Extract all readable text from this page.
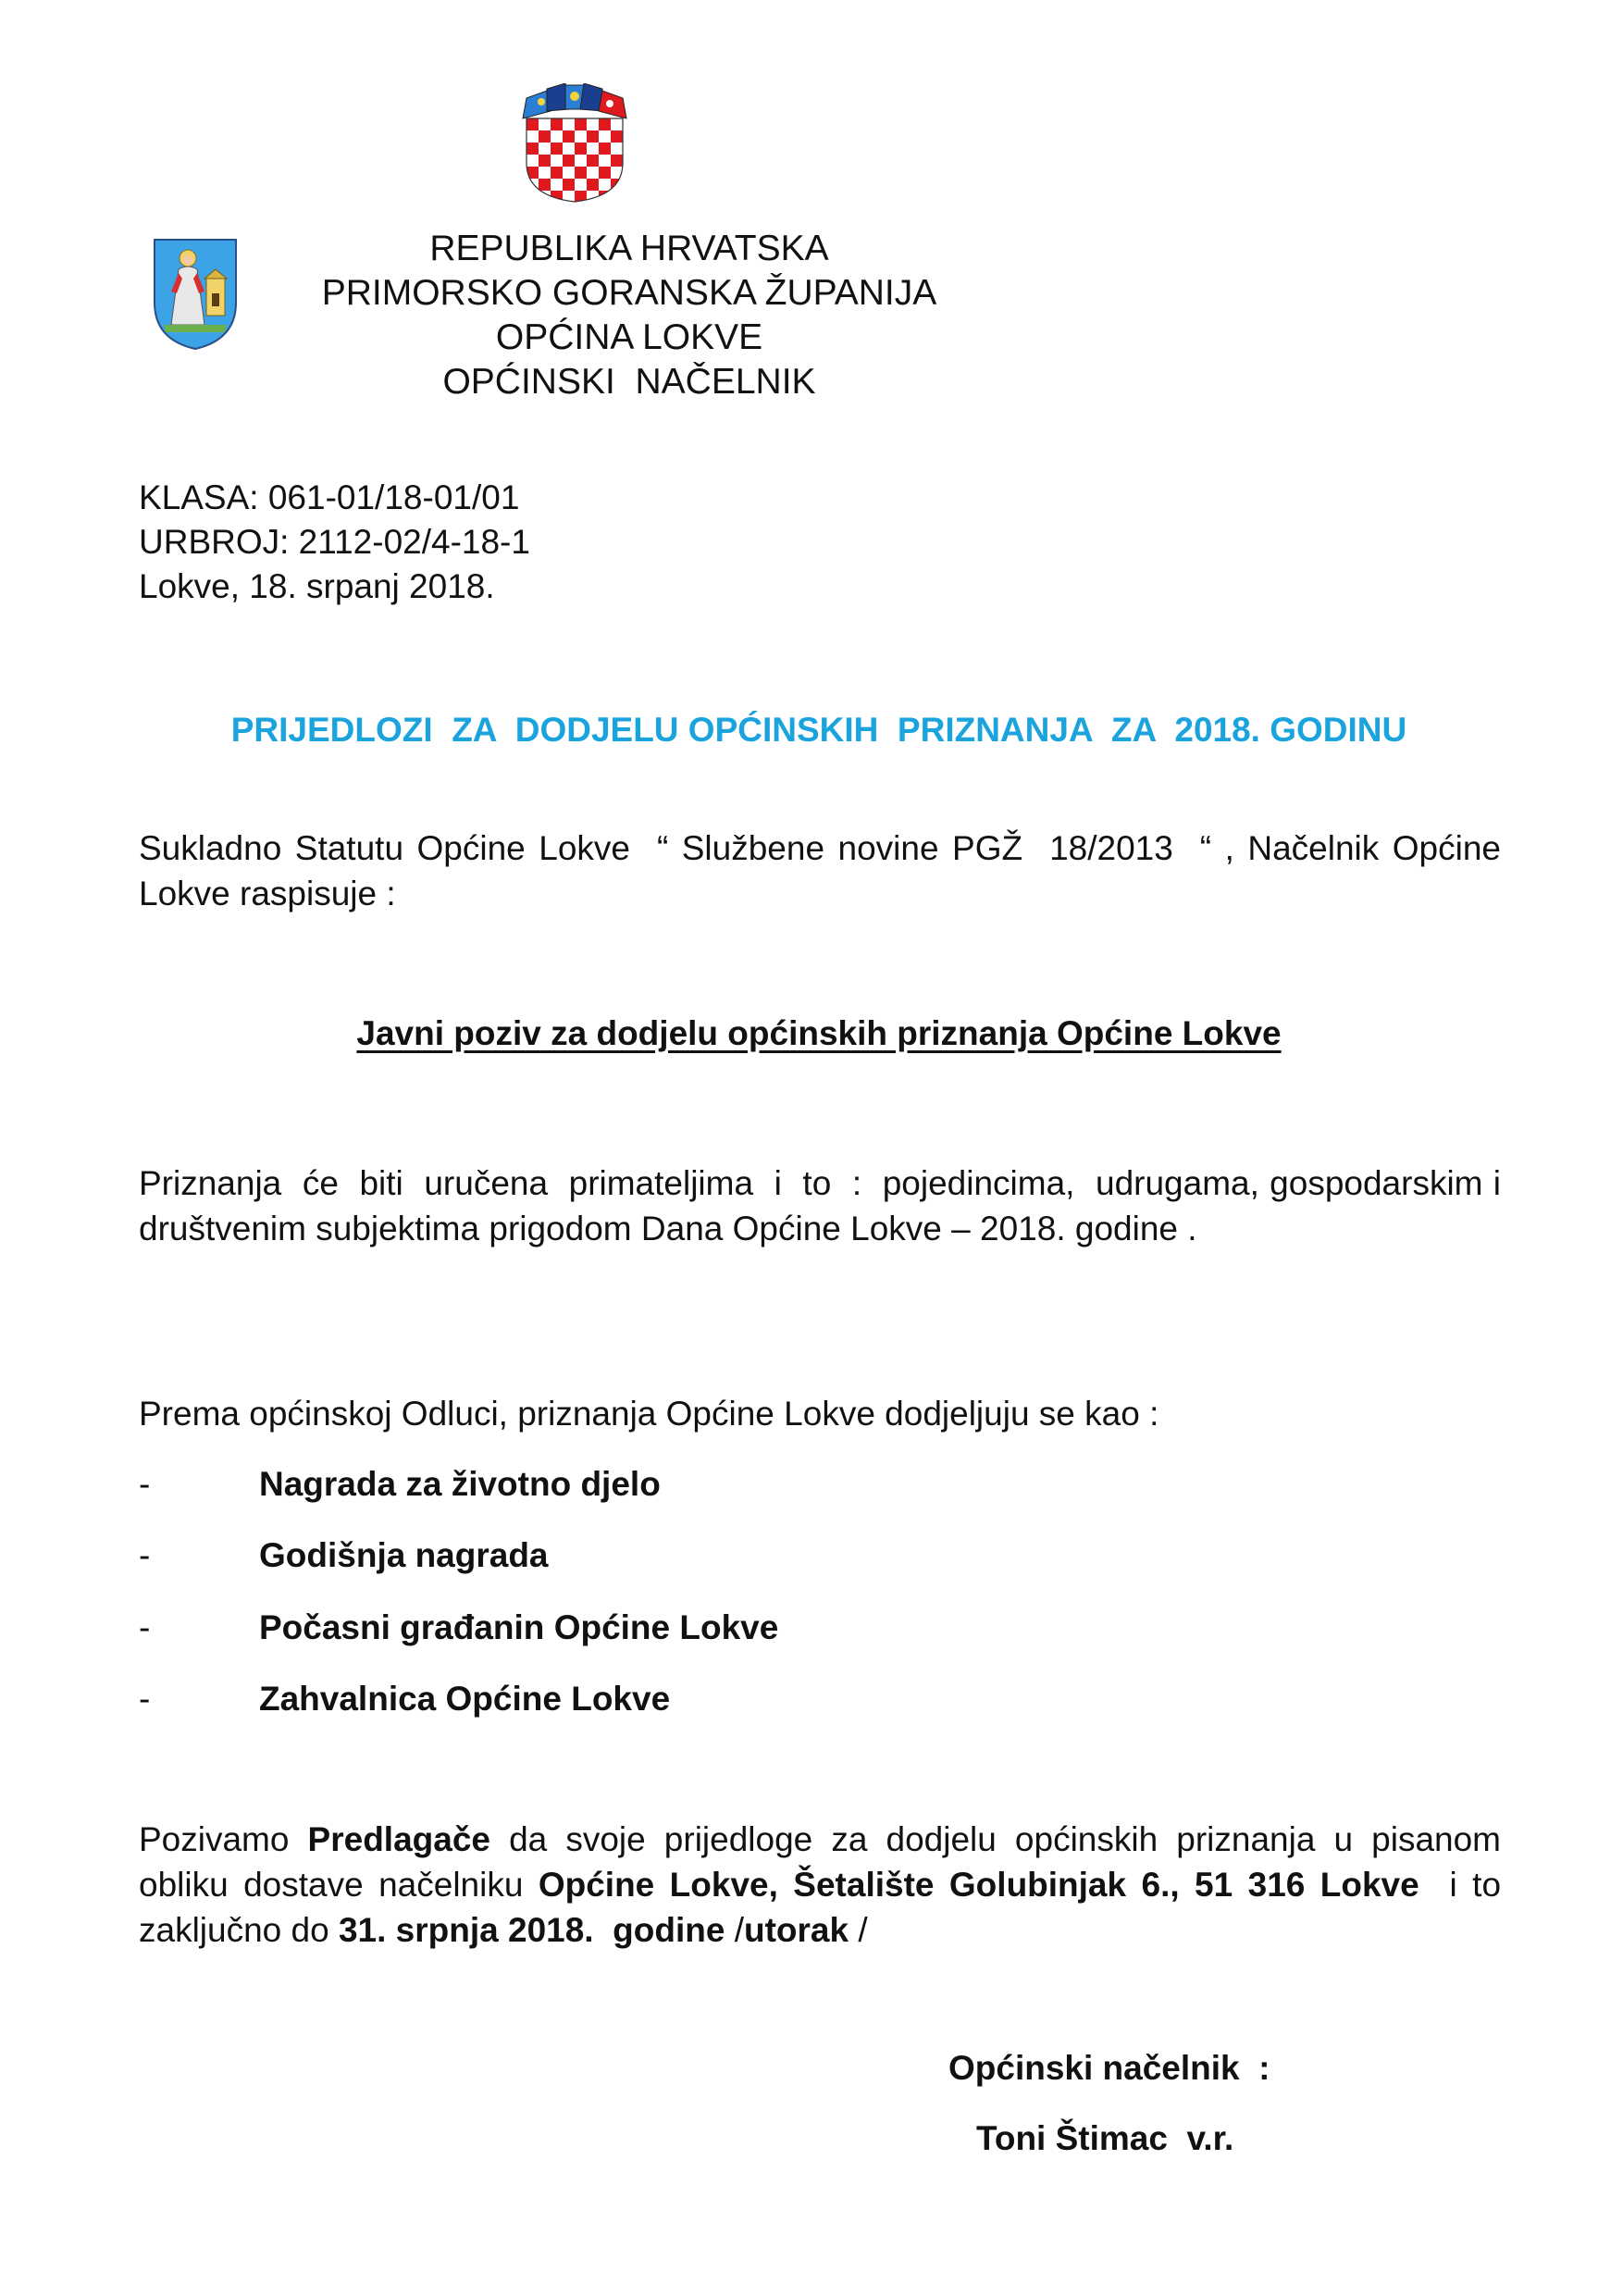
REPUBLIKA HRVATSKA
PRIMORSKO GORANSKA ŽUPANIJA
OPĆINA LOKVE
OPĆINSKI  NAČELNIK
KLASA: 061-01/18-01/01
URBROJ: 2112-02/4-18-1
Lokve, 18. srpanj 2018.
PRIJEDLOZI  ZA  DODJELU OPĆINSKIH  PRIZNANJA  ZA  2018. GODINU
Sukladno Statutu Općine Lokve  “ Službene novine PGŽ  18/2013  “ , Načelnik Općine Lokve raspisuje :
Javni poziv za dodjelu općinskih priznanja Općine Lokve
Priznanja  će  biti  uručena  primateljima  i  to  :  pojedincima,  udrugama, gospodarskim i društvenim subjektima prigodom Dana Općine Lokve – 2018. godine .
Prema općinskoj Odluci, priznanja Općine Lokve dodjeljuju se kao :
-	Nagrada za životno djelo
-	Godišnja nagrada
-	Počasni građanin Općine Lokve
-	Zahvalnica Općine Lokve
Pozivamo Predlagače da svoje prijedloge za dodjelu općinskih priznanja u pisanom obliku dostave načelniku Općine Lokve, Šetalište Golubinjak 6., 51 316 Lokve  i to zaključno do 31. srpnja 2018.  godine /utorak /
Općinski načelnik  :
Toni Štimac  v.r.
